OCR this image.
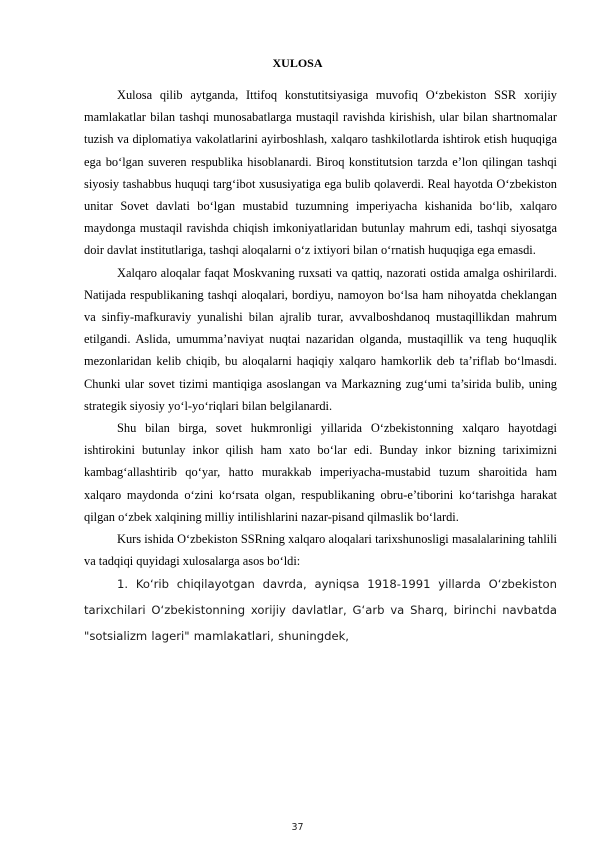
XULOSA

Xulosa qilib aytganda, Ittifoq konstutitsiyasiga muvofiq O‘zbekiston SSR xorijiy mamlakatlar bilan tashqi munosabatlarga mustaqil ravishda kirishish, ular bilan shartnomalar tuzish va diplomatiya vakolatlarini ayirboshlash, xalqaro tashkilotlarda ishtirok etish huquqiga ega bo‘lgan suveren respublika hisoblanardi. Biroq konstitutsion tarzda e’lon qilingan tashqi siyosiy tashabbus huquqi targ‘ibot xususiyatiga ega bulib qolaverdi. Real hayotda O‘zbekiston unitar Sovet davlati bo‘lgan mustabid tuzumning imperiyacha kishanida bo‘lib, xalqaro maydonga mustaqil ravishda chiqish imkoniyatlaridan butunlay mahrum edi, tashqi siyosatga doir davlat institutlariga, tashqi aloqalarni o‘z ixtiyori bilan o‘rnatish huquqiga ega emasdi.

Xalqaro aloqalar faqat Moskvaning ruxsati va qattiq, nazorati ostida amalga oshirilardi. Natijada respublikaning tashqi aloqalari, bordiyu, namoyon bo‘lsa ham nihoyatda cheklangan va sinfiy-mafkuraviy yunalishi bilan ajralib turar, avvalboshdanoq mustaqillikdan mahrum etilgandi. Aslida, umumma’naviyat nuqtai nazaridan olganda, mustaqillik va teng huquqlik mezonlaridan kelib chiqib, bu aloqalarni haqiqiy xalqaro hamkorlik deb ta’riflab bo‘lmasdi. Chunki ular sovet tizimi mantiqiga asoslangan va Markazning zug‘umi ta’sirida bulib, uning strategik siyosiy yo‘l-yo‘riqlari bilan belgilanardi.

Shu bilan birga, sovet hukmronligi yillarida O‘zbekistonning xalqaro hayotdagi ishtirokini butunlay inkor qilish ham xato bo‘lar edi. Bunday inkor bizning tariximizni kambag‘allashtirib qo‘yar, hatto murakkab imperiyacha-mustabid tuzum sharoitida ham xalqaro maydonda o‘zini ko‘rsata olgan, respublikaning obru-e’tiborini ko‘tarishga harakat qilgan o‘zbek xalqining milliy intilishlarini nazar-pisand qilmaslik bo‘lardi.

Kurs ishida O‘zbekiston SSRning xalqaro aloqalari tarixshunosligi masalalarining tahlili va tadqiqi quyidagi xulosalarga asos bo‘ldi:

1. Ko‘rib chiqilayotgan davrda, ayniqsa 1918-1991 yillarda O‘zbekiston tarixchilari O‘zbekistonning xorijiy davlatlar, G‘arb va Sharq, birinchi navbatda "sotsializm lageri" mamlakatlari, shuningdek,

37
